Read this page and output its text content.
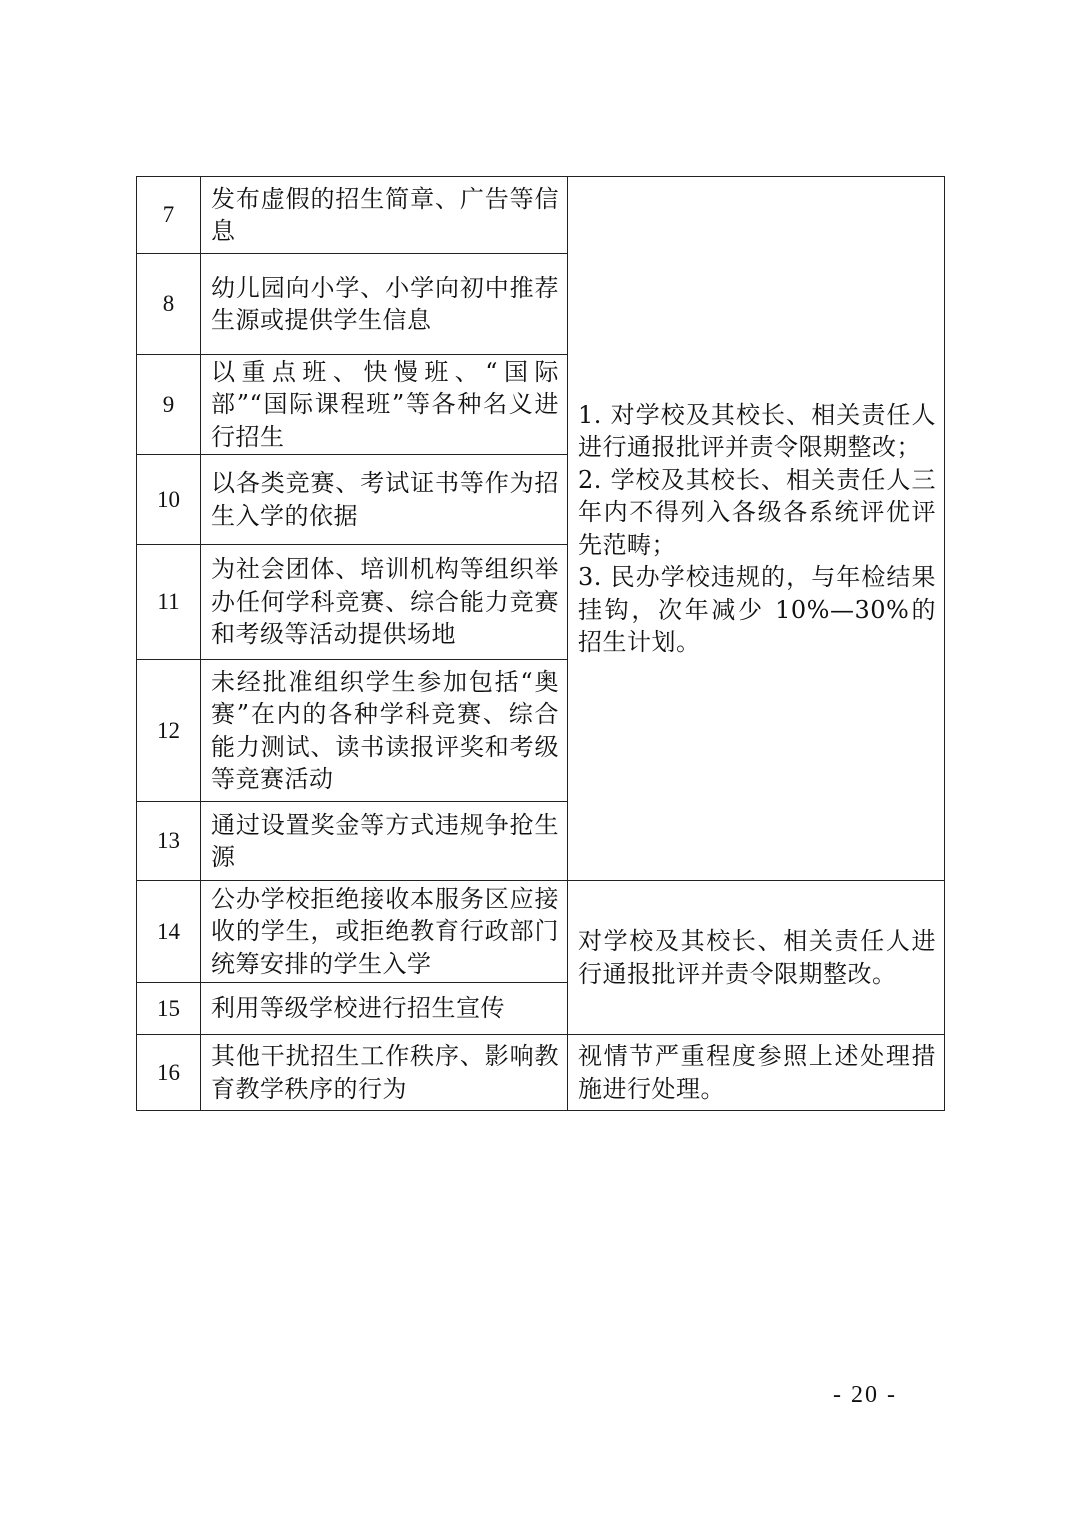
7	发布虚假的招生简章、广告等信息	1. 对学校及其校长、相关责任人进行通报批评并责令限期整改；
2. 学校及其校长、相关责任人三年内不得列入各级各系统评优评先范畴；
3. 民办学校违规的，与年检结果挂钩，次年减少 10%—30%的招生计划。

8	幼儿园向小学、小学向初中推荐生源或提供学生信息	
9	以重点班、快慢班、“国际部”“国际课程班”等各种名义进行招生	
10	以各类竞赛、考试证书等作为招生入学的依据	
11	为社会团体、培训机构等组织举办任何学科竞赛、综合能力竞赛和考级等活动提供场地	
12	未经批准组织学生参加包括“奥赛”在内的各种学科竞赛、综合能力测试、读书读报评奖和考级等竞赛活动	
13	通过设置奖金等方式违规争抢生源	
14	公办学校拒绝接收本服务区应接收的学生，或拒绝教育行政部门统筹安排的学生入学	对学校及其校长、相关责任人进行通报批评并责令限期整改。
15	利用等级学校进行招生宣传	
16	其他干扰招生工作秩序、影响教育教学秩序的行为	视情节严重程度参照上述处理措施进行处理。
- 20 -
